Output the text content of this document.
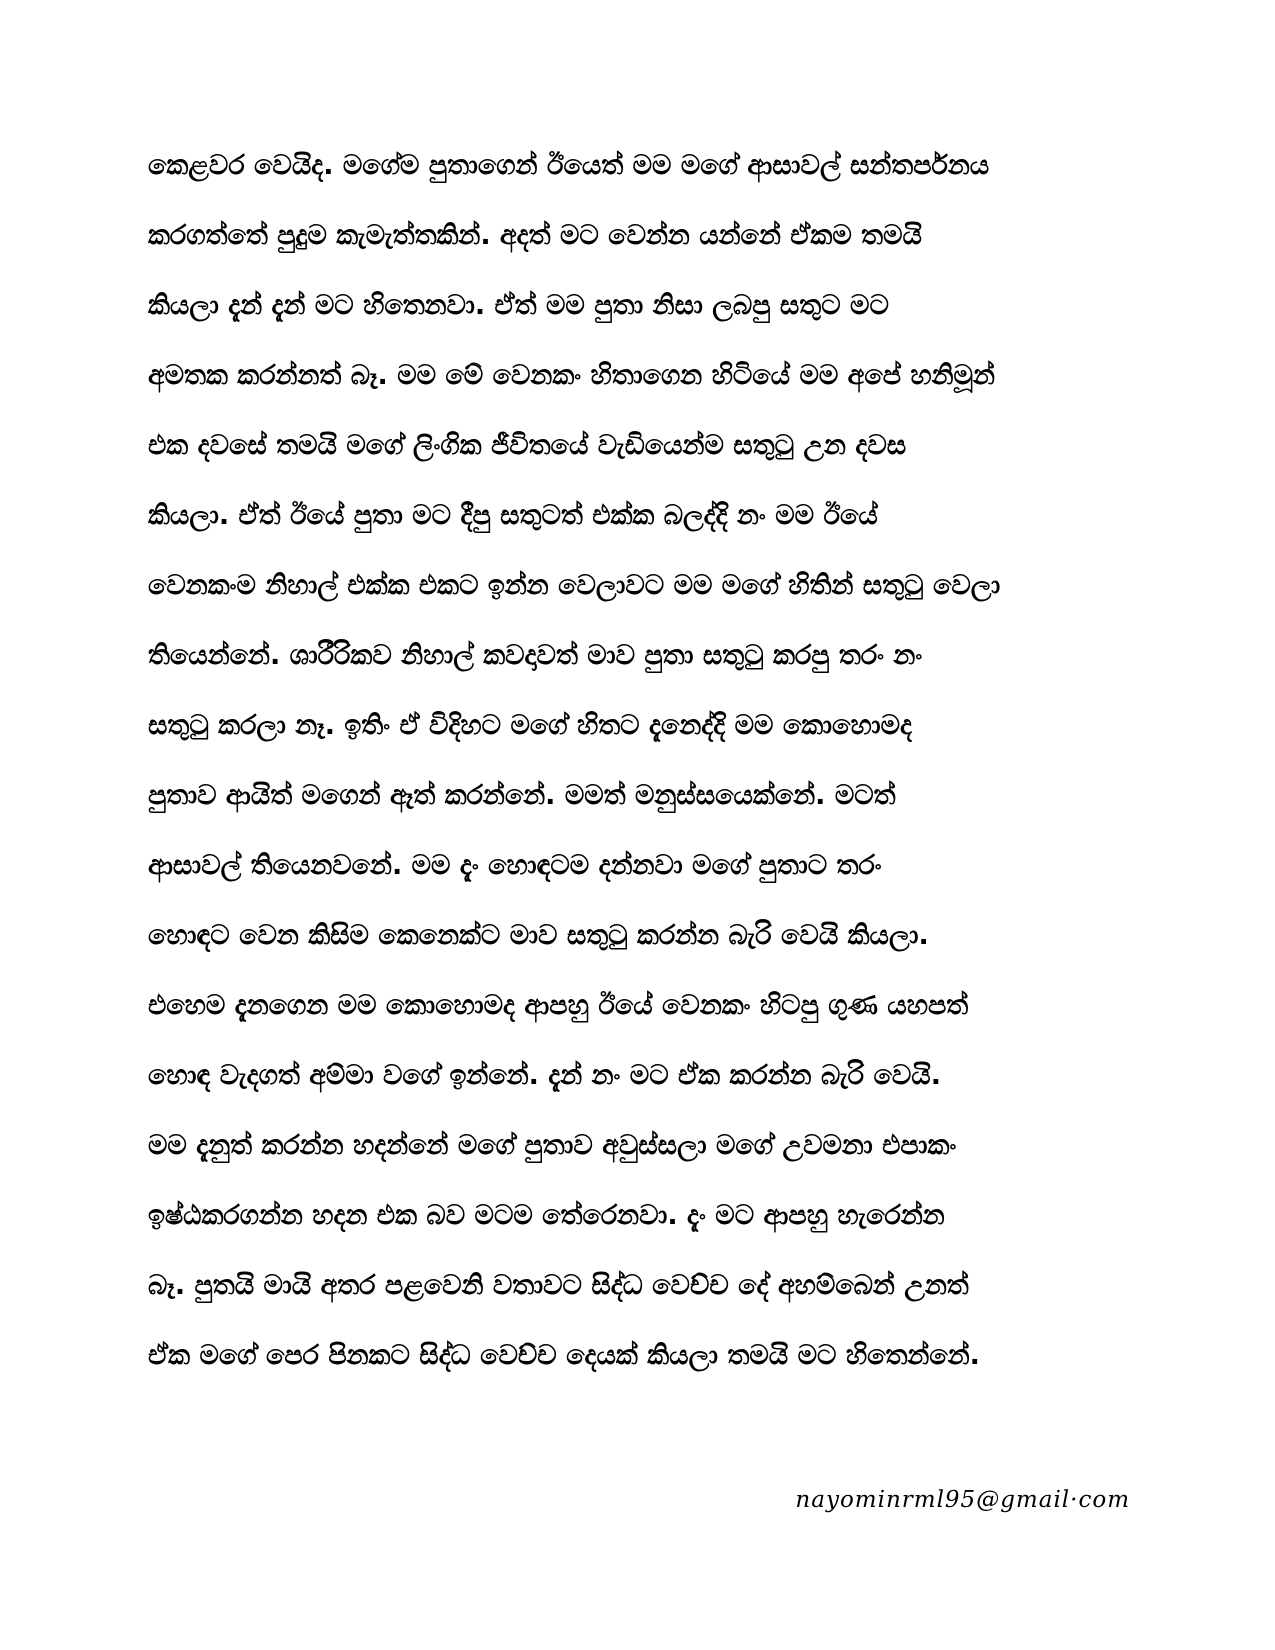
කෙළවර වෙයිද. මගේම පුතාගෙන් ඊයෙත් මම මගේ ආසාවල් සන්තර්පනය
කරගත්තේ පුදුම කැමැත්තකින්. අදත් මට වෙන්න යන්නේ ඒකම තමයි
කියලා දැන් දැන් මට හිතෙනවා. ඒත් මම පුතා නිසා ලබපු සතුට මට
අමතක කරන්නත් බෑ. මම මේ වෙනකං හිතාගෙන හිටියේ මම අපේ හනිමූන්
එක දවසේ තමයි මගේ ලිංගික ජීවිතයේ වැඩියෙන්ම සතුටු උන දවස
කියලා. ඒත් ඊයේ පුතා මට දීපු සතුටත් එක්ක බලද්දි නං මම ඊයේ
වෙනකංම නිහාල් එක්ක එකට ඉන්න වෙලාවට මම මගේ හිතින් සතුටු වෙලා
තියෙන්නේ. ශාරීරිකව නිහාල් කවදාවත් මාව පුතා සතුටු කරපු තරං නං
සතුටු කරලා නෑ. ඉතිං ඒ විදිහට මගේ හිතට දැනෙද්දි මම කොහොමද
පුතාව ආයිත් මගෙන් ඈත් කරන්නේ. මමත් මනුස්සයෙක්නේ. මටත්
ආසාවල් තියෙනවනේ. මම දැං හොඳටම දන්නවා මගේ පුතාට තරං
හොඳට වෙන කිසිම කෙනෙක්ට මාව සතුටු කරන්න බැරි වෙයි කියලා.
එහෙම දැනගෙන මම කොහොමද ආපහු ඊයේ වෙනකං හිටපු ගුණ යහපත්
හොඳ වැදගත් අම්මා වගේ ඉන්නේ. දැන් නං මට ඒක කරන්න බැරි වෙයි.
මම දැනුත් කරන්න හදන්නේ මගේ පුතාව අවුස්සලා මගේ උවමනා එපාකං
ඉෂ්ඨකරගන්න හදන එක බව මටම තේරෙනවා. දැං මට ආපහු හැරෙන්න
බෑ. පුතයි මායි අතර පළවෙනි වතාවට සිද්ධ වෙච්ච දේ අහම්බෙන් උනත්
ඒක මගේ පෙර පිනකට සිද්ධ වෙච්ච දෙයක් කියලා තමයි මට හිතෙන්නේ.
nayominrml95@gmail·com
